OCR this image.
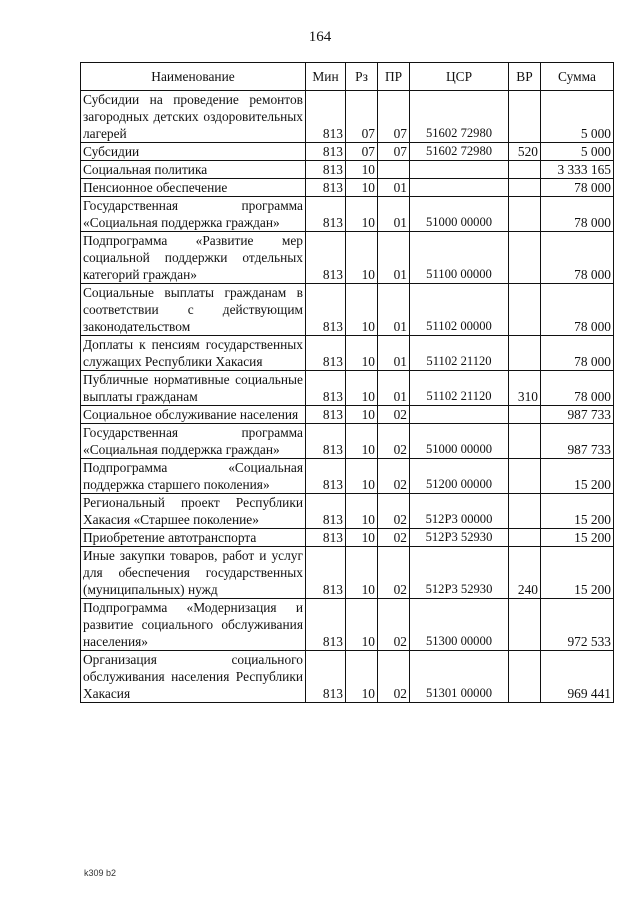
164
Наименование	Мин	Рз	ПР	ЦСР	ВР	Сумма
Субсидии на проведение ремонтов загородных детских оздоровительных лагерей	813	07	07	51602 72980		5 000
Субсидии	813	07	07	51602 72980	520	5 000
Социальная политика	813	10				3 333 165
Пенсионное обеспечение	813	10	01			78 000
Государственная программа «Социальная поддержка граждан»	813	10	01	51000 00000		78 000
Подпрограмма «Развитие мер социальной поддержки отдельных категорий граждан»	813	10	01	51100 00000		78 000
Социальные выплаты гражданам в соответствии с действующим законодательством	813	10	01	51102 00000		78 000
Доплаты к пенсиям государственных служащих Республики Хакасия	813	10	01	51102 21120		78 000
Публичные нормативные социальные выплаты гражданам	813	10	01	51102 21120	310	78 000
Социальное обслуживание населения	813	10	02			987 733
Государственная программа «Социальная поддержка граждан»	813	10	02	51000 00000		987 733
Подпрограмма «Социальная поддержка старшего поколения»	813	10	02	51200 00000		15 200
Региональный проект Республики Хакасия «Старшее поколение»	813	10	02	512P3 00000		15 200
Приобретение автотранспорта	813	10	02	512P3 52930		15 200
Иные закупки товаров, работ и услуг для обеспечения государственных (муниципальных) нужд	813	10	02	512P3 52930	240	15 200
Подпрограмма «Модернизация и развитие социального обслуживания населения»	813	10	02	51300 00000		972 533
Организация социального обслуживания населения Республики Хакасия	813	10	02	51301 00000		969 441
k309 b2
